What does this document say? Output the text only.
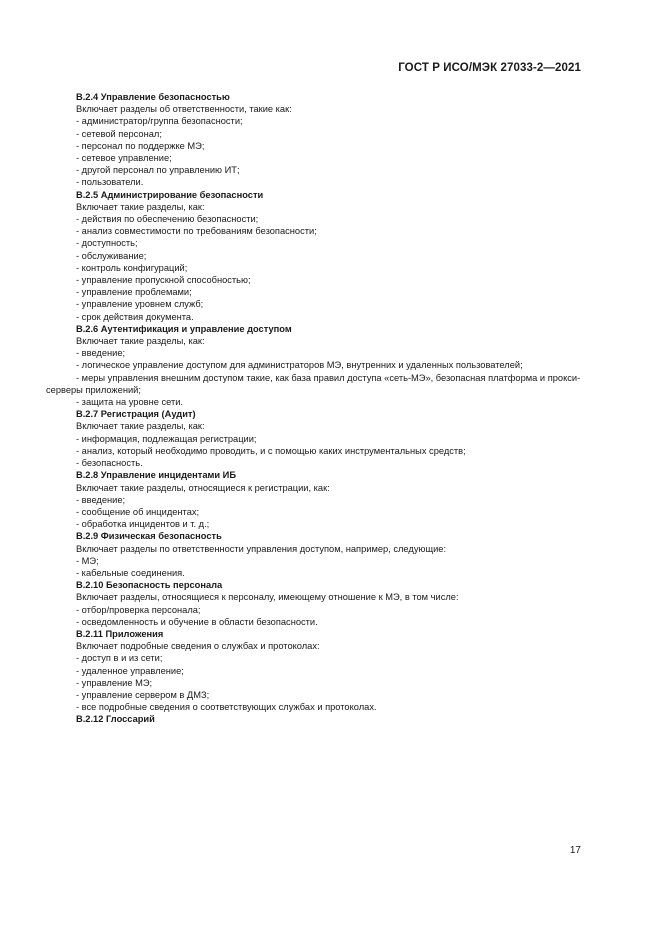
ГОСТ Р ИСО/МЭК 27033-2—2021
B.2.4 Управление безопасностью
Включает разделы об ответственности, такие как:
- администратор/группа безопасности;
- сетевой персонал;
- персонал по поддержке МЭ;
- сетевое управление;
- другой персонал по управлению ИТ;
- пользователи.
B.2.5 Администрирование безопасности
Включает такие разделы, как:
- действия по обеспечению безопасности;
- анализ совместимости по требованиям безопасности;
- доступность;
- обслуживание;
- контроль конфигураций;
- управление пропускной способностью;
- управление проблемами;
- управление уровнем служб;
- срок действия документа.
B.2.6 Аутентификация и управление доступом
Включает такие разделы, как:
- введение;
- логическое управление доступом для администраторов МЭ, внутренних и удаленных пользователей;
- меры управления внешним доступом такие, как база правил доступа «сеть-МЭ», безопасная платформа и прокси-серверы приложений;
- защита на уровне сети.
B.2.7 Регистрация (Аудит)
Включает такие разделы, как:
- информация, подлежащая регистрации;
- анализ, который необходимо проводить, и с помощью каких инструментальных средств;
- безопасность.
B.2.8 Управление инцидентами ИБ
Включает такие разделы, относящиеся к регистрации, как:
- введение;
- сообщение об инцидентах;
- обработка инцидентов и т. д.;
B.2.9 Физическая безопасность
Включает разделы по ответственности управления доступом, например, следующие:
- МЭ;
- кабельные соединения.
B.2.10 Безопасность персонала
Включает разделы, относящиеся к персоналу, имеющему отношение к МЭ, в том числе:
- отбор/проверка персонала;
- осведомленность и обучение в области безопасности.
B.2.11 Приложения
Включает подробные сведения о службах и протоколах:
- доступ в и из сети;
- удаленное управление;
- управление МЭ;
- управление сервером в ДМЗ;
- все подробные сведения о соответствующих службах и протоколах.
B.2.12 Глоссарий
17
